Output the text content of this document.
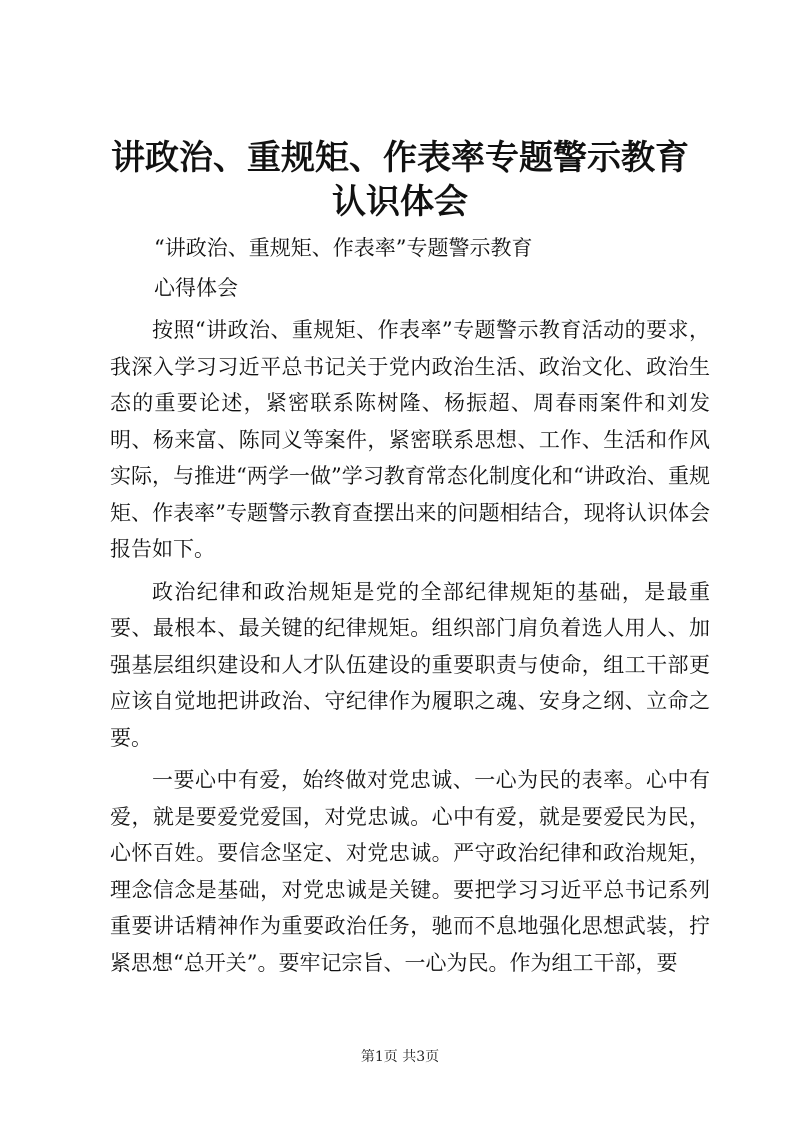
讲政治、重规矩、作表率专题警示教育认识体会
“讲政治、重规矩、作表率”专题警示教育
心得体会

按照“讲政治、重规矩、作表率”专题警示教育活动的要求，我深入学习习近平总书记关于党内政治生活、政治文化、政治生态的重要论述，紧密联系陈树隆、杨振超、周春雨案件和刘发明、杨来富、陈同义等案件，紧密联系思想、工作、生活和作风实际，与推进“两学一做”学习教育常态化制度化和“讲政治、重规矩、作表率”专题警示教育查摆出来的问题相结合，现将认识体会报告如下。

政治纪律和政治规矩是党的全部纪律规矩的基础，是最重要、最根本、最关键的纪律规矩。组织部门肩负着选人用人、加强基层组织建设和人才队伍建设的重要职责与使命，组工干部更应该自觉地把讲政治、守纪律作为履职之魂、安身之纲、立命之要。

一要心中有爱，始终做对党忠诚、一心为民的表率。心中有爱，就是要爱党爱国，对党忠诚。心中有爱，就是要爱民为民，心怀百姓。要信念坚定、对党忠诚。严守政治纪律和政治规矩，理念信念是基础，对党忠诚是关键。要把学习习近平总书记系列重要讲话精神作为重要政治任务，驰而不息地强化思想武装，拧紧思想“总开关”。要牢记宗旨、一心为民。作为组工干部，要

第1页 共3页
